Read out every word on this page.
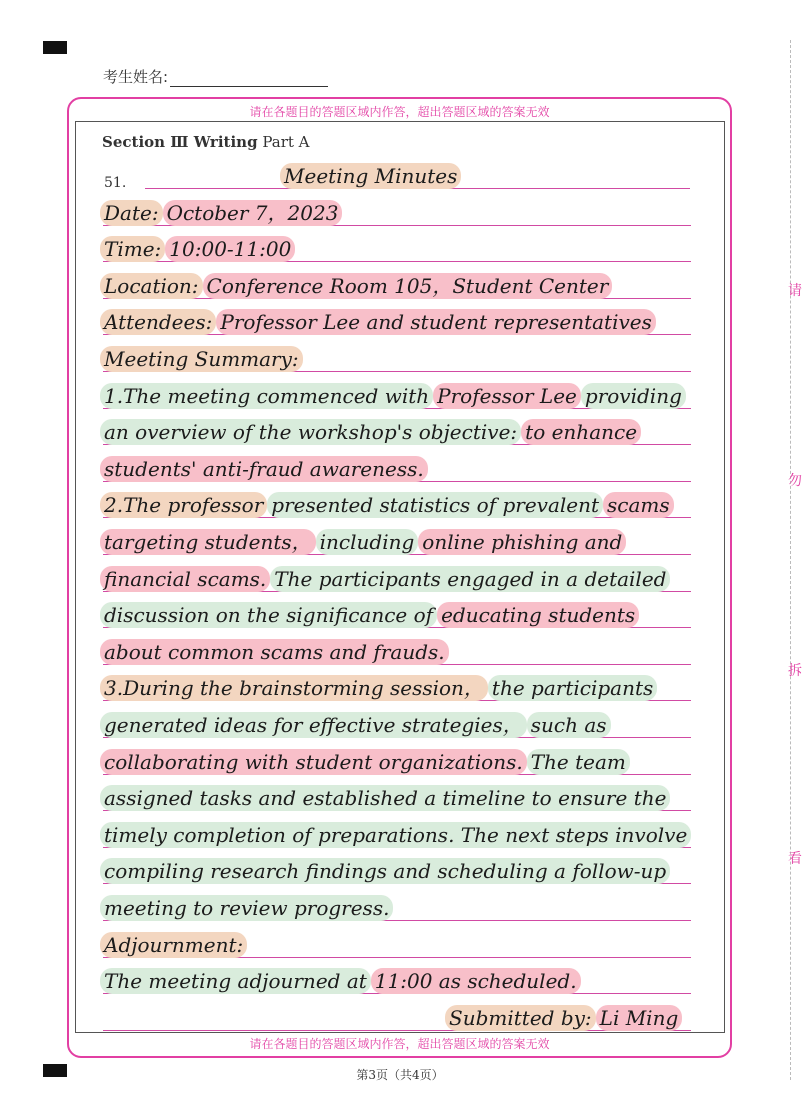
考生姓名:
请在各题目的答题区域内作答，超出答题区域的答案无效
请在各题目的答题区域内作答，超出答题区域的答案无效
Section Ⅲ Writing Part A
51.	Meeting Minutes
Date: October 7，2023
Time: 10:00-11:00
Location: Conference Room 105，Student Center
Attendees: Professor Lee and student representatives
Meeting Summary:
1.The meeting commenced with Professor Lee providing
an overview of the workshop's objective: to enhance
students' anti-fraud awareness.
2.The professor presented statistics of prevalent scams
targeting students， including online phishing and
financial scams. The participants engaged in a detailed
discussion on the significance of educating students
about common scams and frauds.
3.During the brainstorming session， the participants
generated ideas for effective strategies， such as
collaborating with student organizations. The team
assigned tasks and established a timeline to ensure the
timely completion of preparations. The next steps involve
compiling research findings and scheduling a follow-up
meeting to review progress.
Adjournment:
The meeting adjourned at 11:00 as scheduled.
Submitted by: Li Ming
请
勿
拆
看
第3页（共4页）
